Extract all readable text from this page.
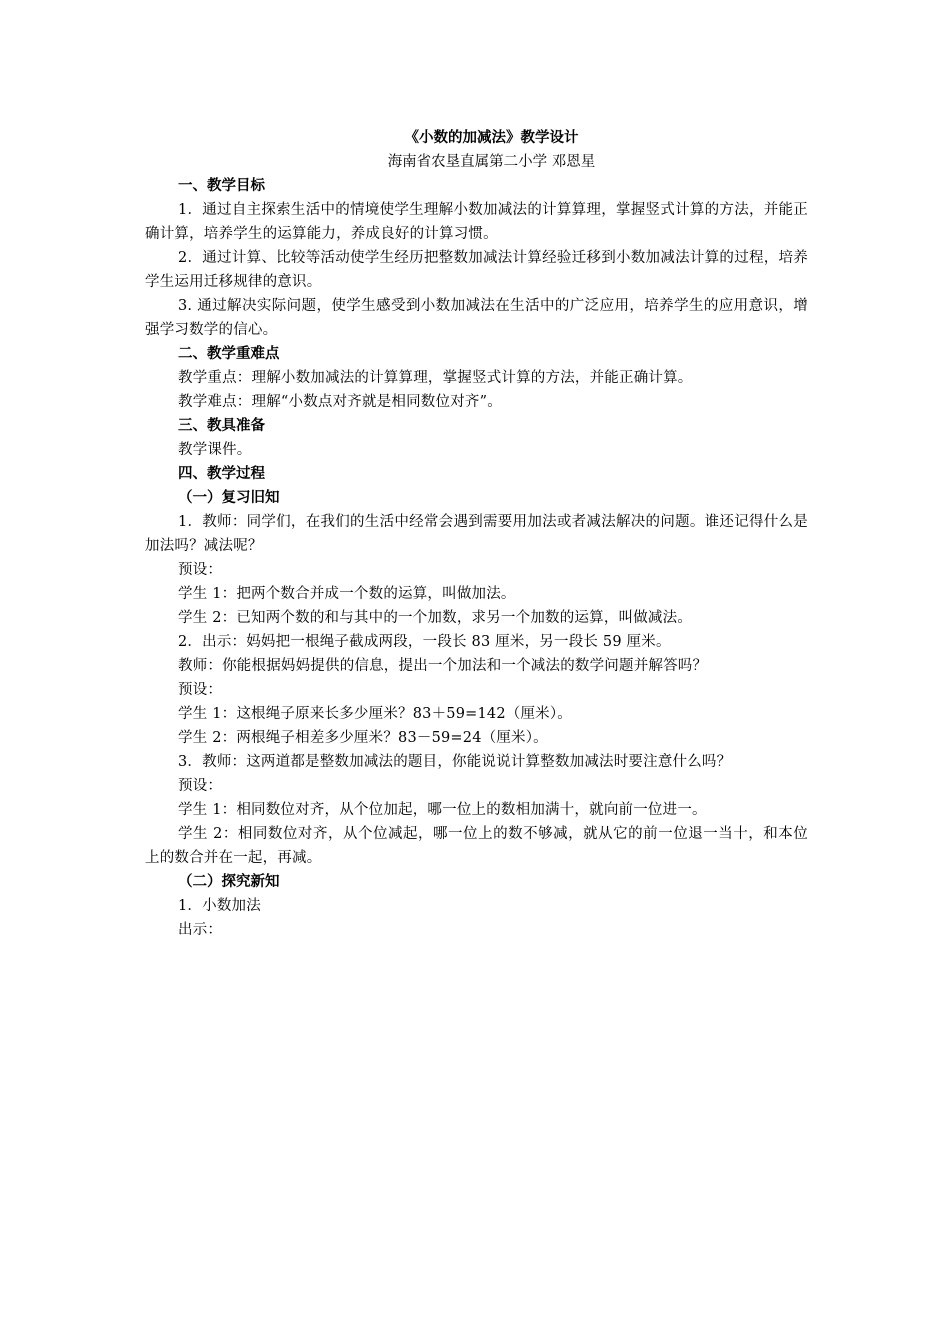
《小数的加减法》教学设计

海南省农垦直属第二小学 邓恩星

一、教学目标

1．通过自主探索生活中的情境使学生理解小数加减法的计算算理，掌握竖式计算的方法，并能正确计算，培养学生的运算能力，养成良好的计算习惯。

2．通过计算、比较等活动使学生经历把整数加减法计算经验迁移到小数加减法计算的过程，培养学生运用迁移规律的意识。

3. 通过解决实际问题，使学生感受到小数加减法在生活中的广泛应用，培养学生的应用意识，增强学习数学的信心。

二、教学重难点

教学重点：理解小数加减法的计算算理，掌握竖式计算的方法，并能正确计算。

教学难点：理解“小数点对齐就是相同数位对齐”。

三、教具准备

教学课件。

四、教学过程

（一）复习旧知

1．教师：同学们，在我们的生活中经常会遇到需要用加法或者减法解决的问题。谁还记得什么是加法吗？减法呢？

预设：

学生 1：把两个数合并成一个数的运算，叫做加法。

学生 2：已知两个数的和与其中的一个加数，求另一个加数的运算，叫做减法。

2．出示：妈妈把一根绳子截成两段，一段长 83 厘米，另一段长 59 厘米。

教师：你能根据妈妈提供的信息，提出一个加法和一个减法的数学问题并解答吗？

预设：

学生 1：这根绳子原来长多少厘米？83＋59=142（厘米）。

学生 2：两根绳子相差多少厘米？83－59=24（厘米）。

3．教师：这两道都是整数加减法的题目，你能说说计算整数加减法时要注意什么吗？

预设：

学生 1：相同数位对齐，从个位加起，哪一位上的数相加满十，就向前一位进一。

学生 2：相同数位对齐，从个位减起，哪一位上的数不够减，就从它的前一位退一当十，和本位上的数合并在一起，再减。

（二）探究新知

1．小数加法

出示：
